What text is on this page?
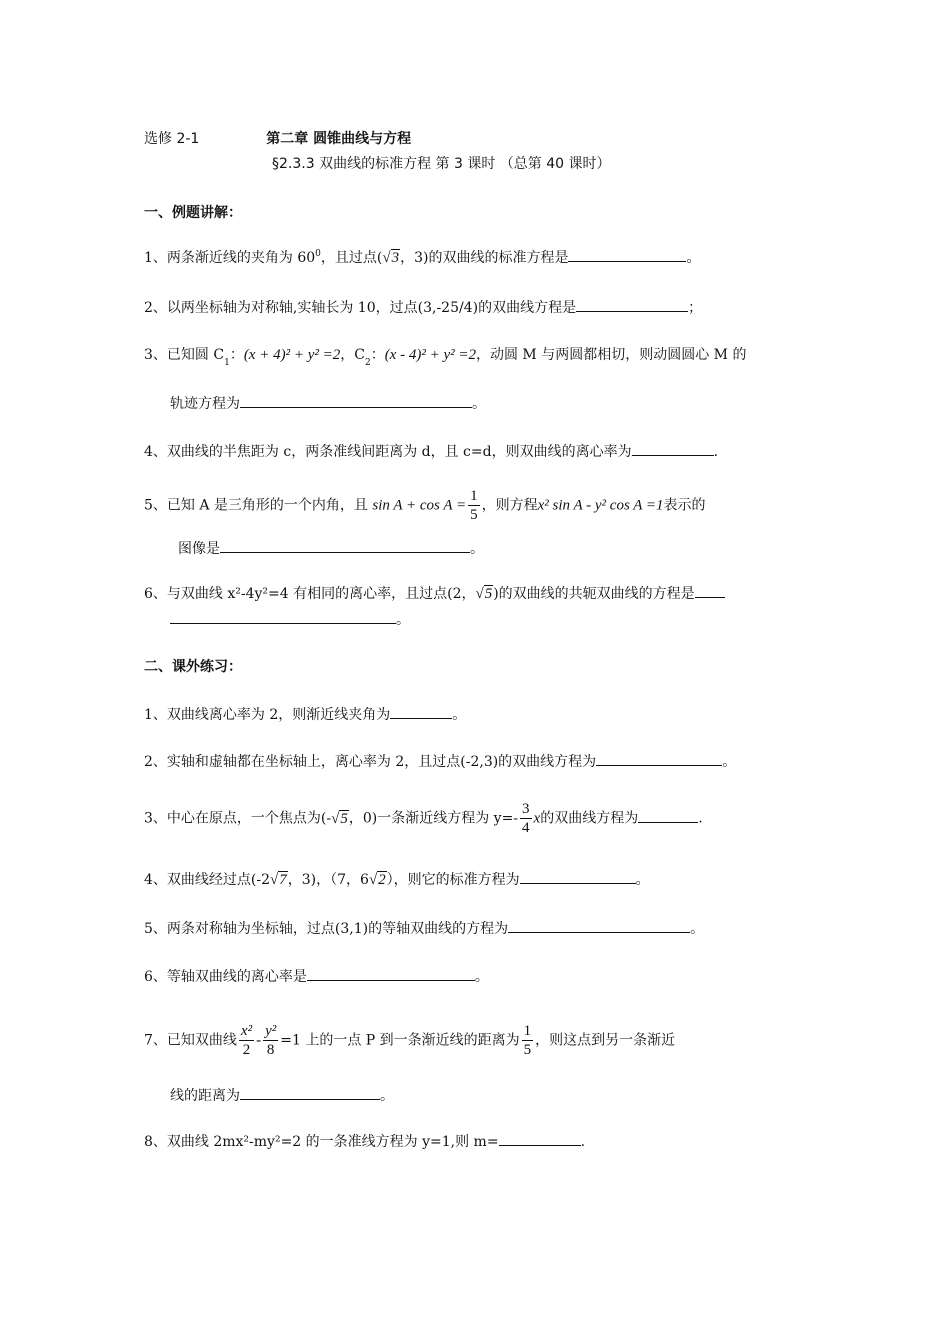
选修 2-1	第二章 圆锥曲线与方程
§2.3.3 双曲线的标准方程 第 3 课时 （总第 40 课时）
一、例题讲解：
1、两条渐近线的夹角为 $60^0$，且过点(√3，3)的双曲线的标准方程是	。
2、以两坐标轴为对称轴,实轴长为 10，过点(3,-25/4)的双曲线方程是	；
3、已知圆 $C_1$：(x + 4)² + y² =2，$C_2$：(x - 4)² + y² =2，动圆 M 与两圆都相切，则动圆圆心 M 的
轨迹方程为	。
4、双曲线的半焦距为 c，两条准线间距离为 d，且 c=d，则双曲线的离心率为	.
5、已知 A 是三角形的一个内角，且 $\sin A + \cos A = \frac{1}{5}$ ，则方程x² sin A - y² cos A =1表示的
图像是	。
6、与双曲线 x²-4y²=4 有相同的离心率，且过点(2，√5)的双曲线的共轭双曲线的方程是
。
二、课外练习：
1、双曲线离心率为 2，则渐近线夹角为	。
2、实轴和虚轴都在坐标轴上，离心率为 2，且过点(-2,3)的双曲线方程为	。
3、中心在原点，一个焦点为(-√5，0)一条渐近线方程为 $y=- \frac{3}{4}$ x的双曲线方程为	.
4、双曲线经过点(-2√7，3)，（7，6√2），则它的标准方程为	。
5、两条对称轴为坐标轴，过点(3,1)的等轴双曲线的方程为	。
6、等轴双曲线的离心率是	。
7、已知双曲线 $\frac{\text{x²}}{2} - \frac{\text{y²}}{8} =1$ 上的一点 P 到一条渐近线的距离为 $\frac{1}{5}$ ，则这点到另一条渐近
线的距离为	。
8、双曲线 2mx²-my²=2 的一条准线方程为 y=1,则 m=	.
